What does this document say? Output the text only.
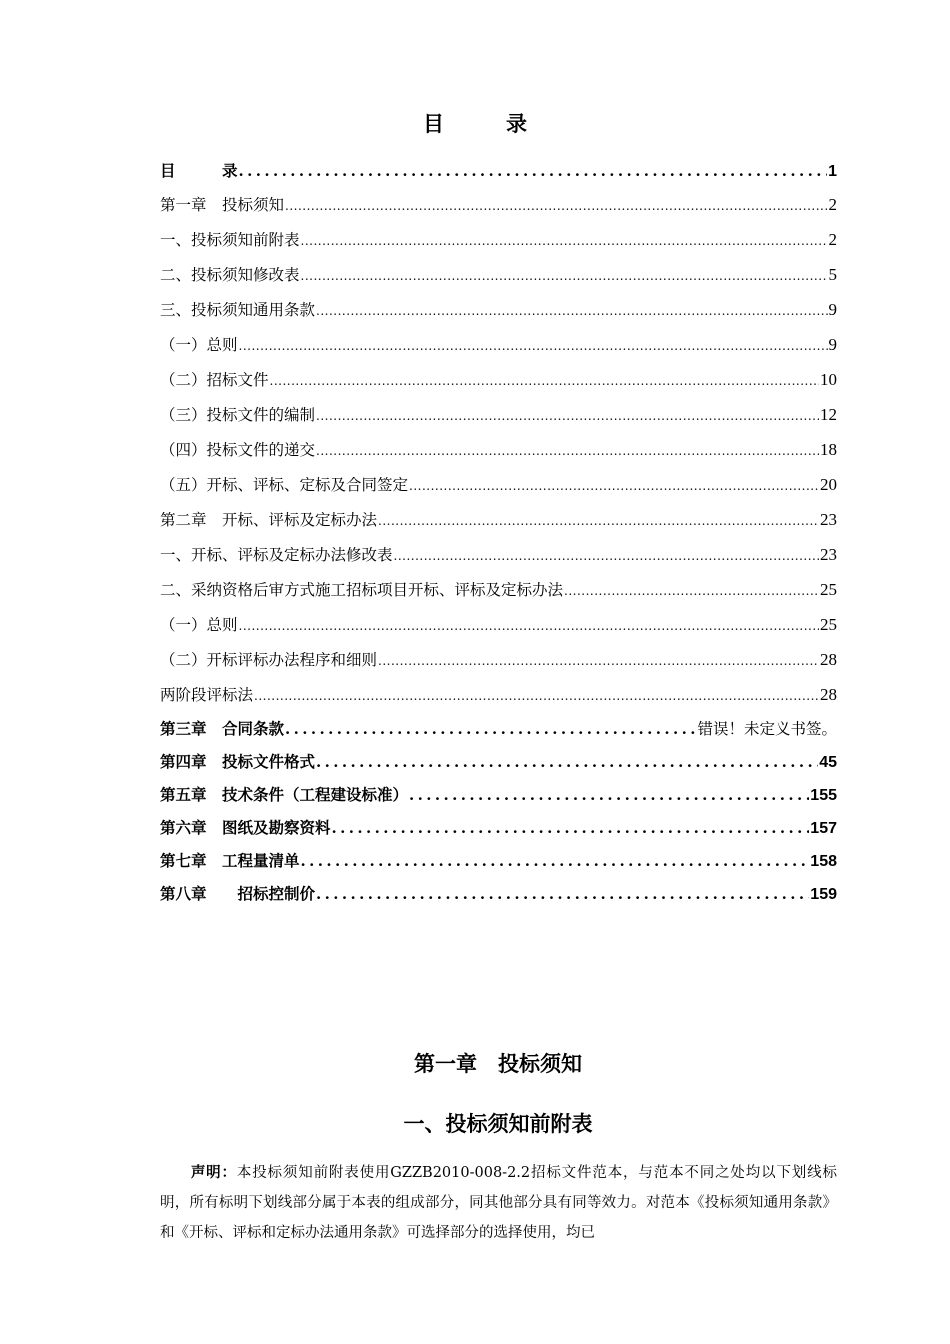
目录
目　　　录 .....	1
第一章　投标须知 .....	2
一、投标须知前附表 .....	2
二、投标须知修改表 .....	5
三、投标须知通用条款 .....	9
（一）总则 .....	9
（二）招标文件 .....	10
（三）投标文件的编制 .....	12
（四）投标文件的递交 .....	18
（五）开标、评标、定标及合同签定 .....	20
第二章　开标、评标及定标办法 .....	23
一、开标、评标及定标办法修改表 .....	23
二、采纳资格后审方式施工招标项目开标、评标及定标办法 .....	25
（一）总则 .....	25
（二）开标评标办法程序和细则 .....	28
两阶段评标法 .....	28
第三章　合同条款 .....	错误！未定义书签。
第四章　投标文件格式 .....	45
第五章　技术条件（工程建设标准） .....	155
第六章　图纸及勘察资料 .....	157
第七章　工程量清单 .....	158
第八章　　招标控制价 .....	159
第一章　投标须知
一、投标须知前附表
声明：本投标须知前附表使用GZZB2010-008-2.2招标文件范本，与范本不同之处均以下划线标明，所有标明下划线部分属于本表的组成部分，同其他部分具有同等效力。对范本《投标须知通用条款》和《开标、评标和定标办法通用条款》可选择部分的选择使用，均已
